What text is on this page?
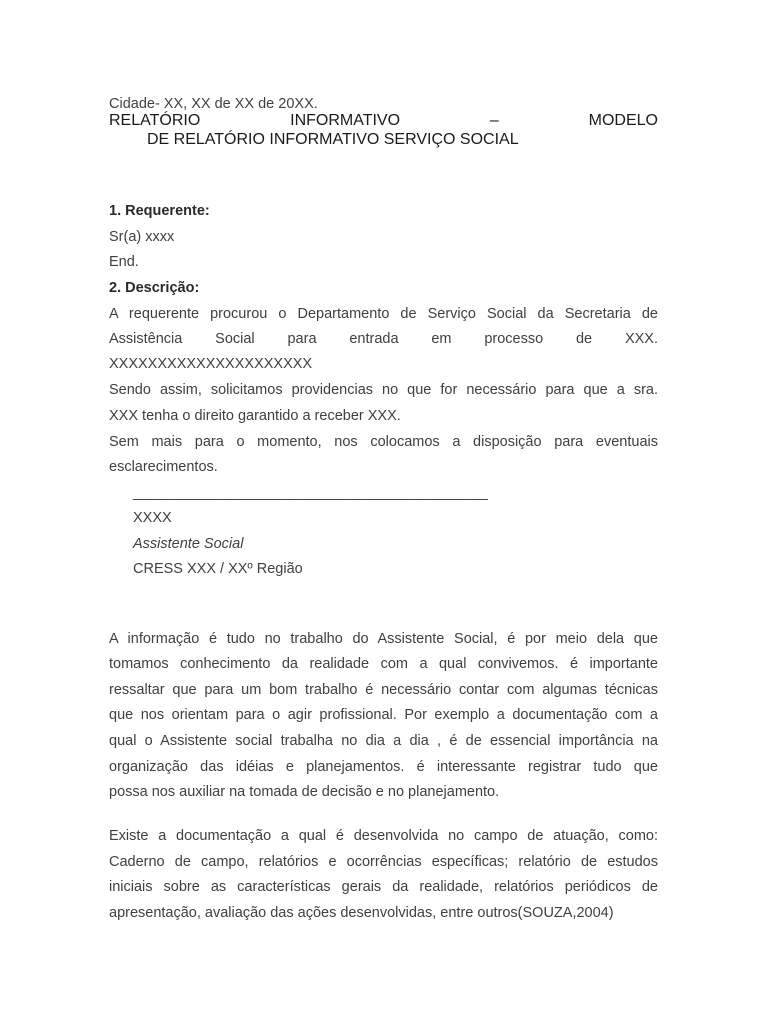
Cidade- XX, XX de XX de 20XX.
RELATÓRIO INFORMATIVO – MODELO
DE RELATÓRIO INFORMATIVO SERVIÇO SOCIAL
1. Requerente:
Sr(a) xxxx
End.
2. Descrição:
A requerente procurou o Departamento de Serviço Social da Secretaria de
Assistência Social para entrada em processo de XXX.
XXXXXXXXXXXXXXXXXXXXX
Sendo assim, solicitamos providencias no que for necessário para que a sra.
XXX tenha o direito garantido a receber XXX.
Sem mais para o momento, nos colocamos a disposição para eventuais
esclarecimentos.
____________________________________________
XXXX
Assistente Social
CRESS XXX / XXº Região
A informação é tudo no trabalho do Assistente Social, é por meio dela que
tomamos conhecimento da realidade com a qual convivemos. é importante
ressaltar que para um bom trabalho é necessário contar com algumas técnicas
que nos orientam para o agir profissional. Por exemplo a documentação com a
qual o Assistente social trabalha no dia a dia , é de essencial importância na
organização das idéias e planejamentos. é interessante registrar tudo que
possa nos auxiliar na tomada de decisão e no planejamento.
Existe a documentação a qual é desenvolvida no campo de atuação, como:
Caderno de campo, relatórios e ocorrências específicas; relatório de estudos
iniciais sobre as características gerais da realidade, relatórios periódicos de
apresentação, avaliação das ações desenvolvidas, entre outros(SOUZA,2004)
